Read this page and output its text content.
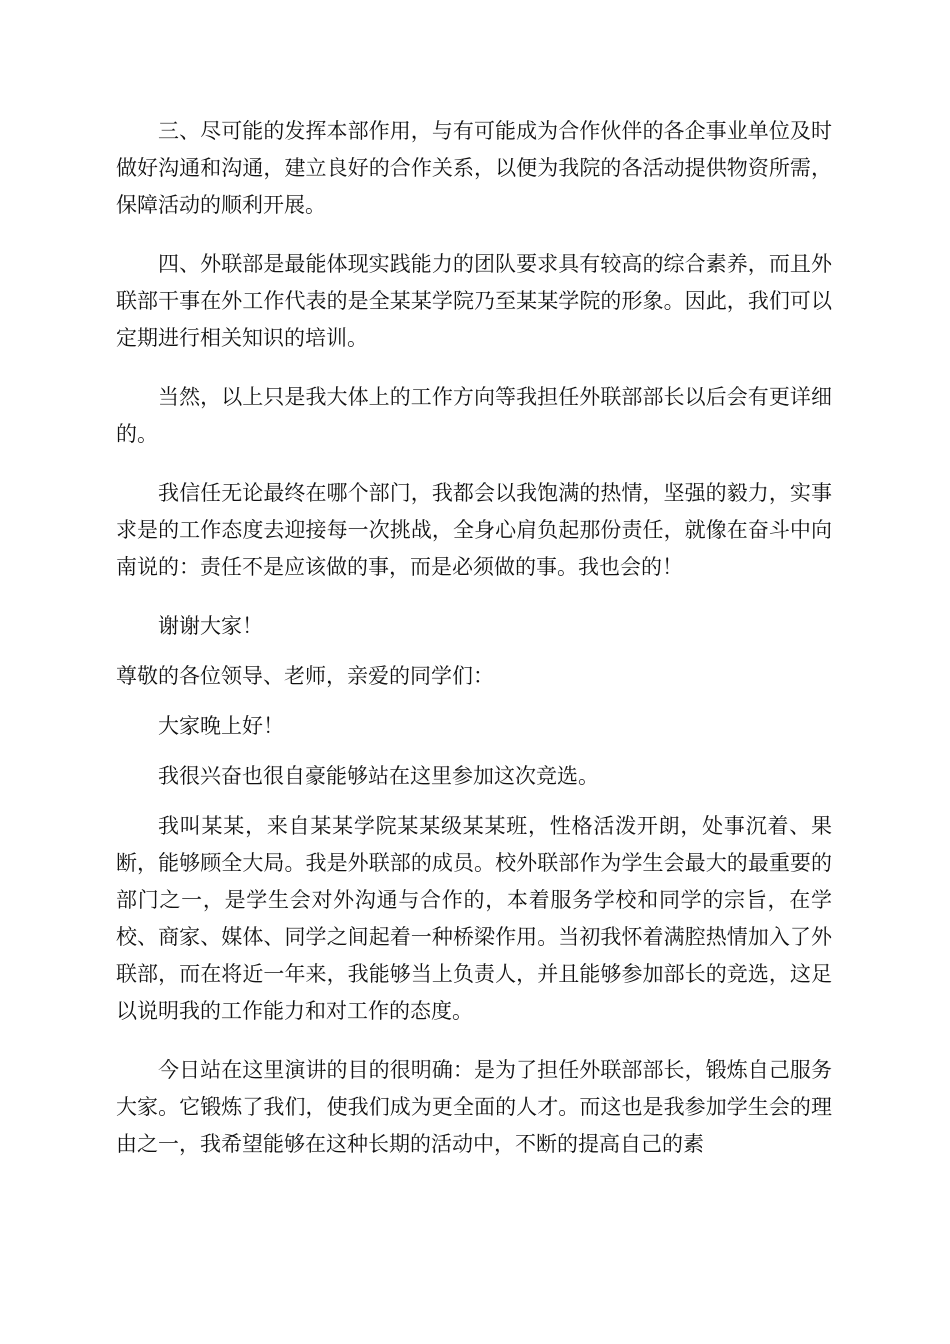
三、尽可能的发挥本部作用，与有可能成为合作伙伴的各企事业单位及时做好沟通和沟通，建立良好的合作关系，以便为我院的各活动提供物资所需，保障活动的顺利开展。

四、外联部是最能体现实践能力的团队要求具有较高的综合素养，而且外联部干事在外工作代表的是全某某学院乃至某某学院的形象。因此，我们可以定期进行相关知识的培训。

当然，以上只是我大体上的工作方向等我担任外联部部长以后会有更详细的。

我信任无论最终在哪个部门，我都会以我饱满的热情，坚强的毅力，实事求是的工作态度去迎接每一次挑战，全身心肩负起那份责任，就像在奋斗中向南说的：责任不是应该做的事，而是必须做的事。我也会的！

谢谢大家！

尊敬的各位领导、老师，亲爱的同学们：

大家晚上好！

我很兴奋也很自豪能够站在这里参加这次竞选。

我叫某某，来自某某学院某某级某某班，性格活泼开朗，处事沉着、果断，能够顾全大局。我是外联部的成员。校外联部作为学生会最大的最重要的部门之一，是学生会对外沟通与合作的，本着服务学校和同学的宗旨，在学校、商家、媒体、同学之间起着一种桥梁作用。当初我怀着满腔热情加入了外联部，而在将近一年来，我能够当上负责人，并且能够参加部长的竞选，这足以说明我的工作能力和对工作的态度。

今日站在这里演讲的目的很明确：是为了担任外联部部长，锻炼自己服务大家。它锻炼了我们，使我们成为更全面的人才。而这也是我参加学生会的理由之一，我希望能够在这种长期的活动中，不断的提高自己的素
